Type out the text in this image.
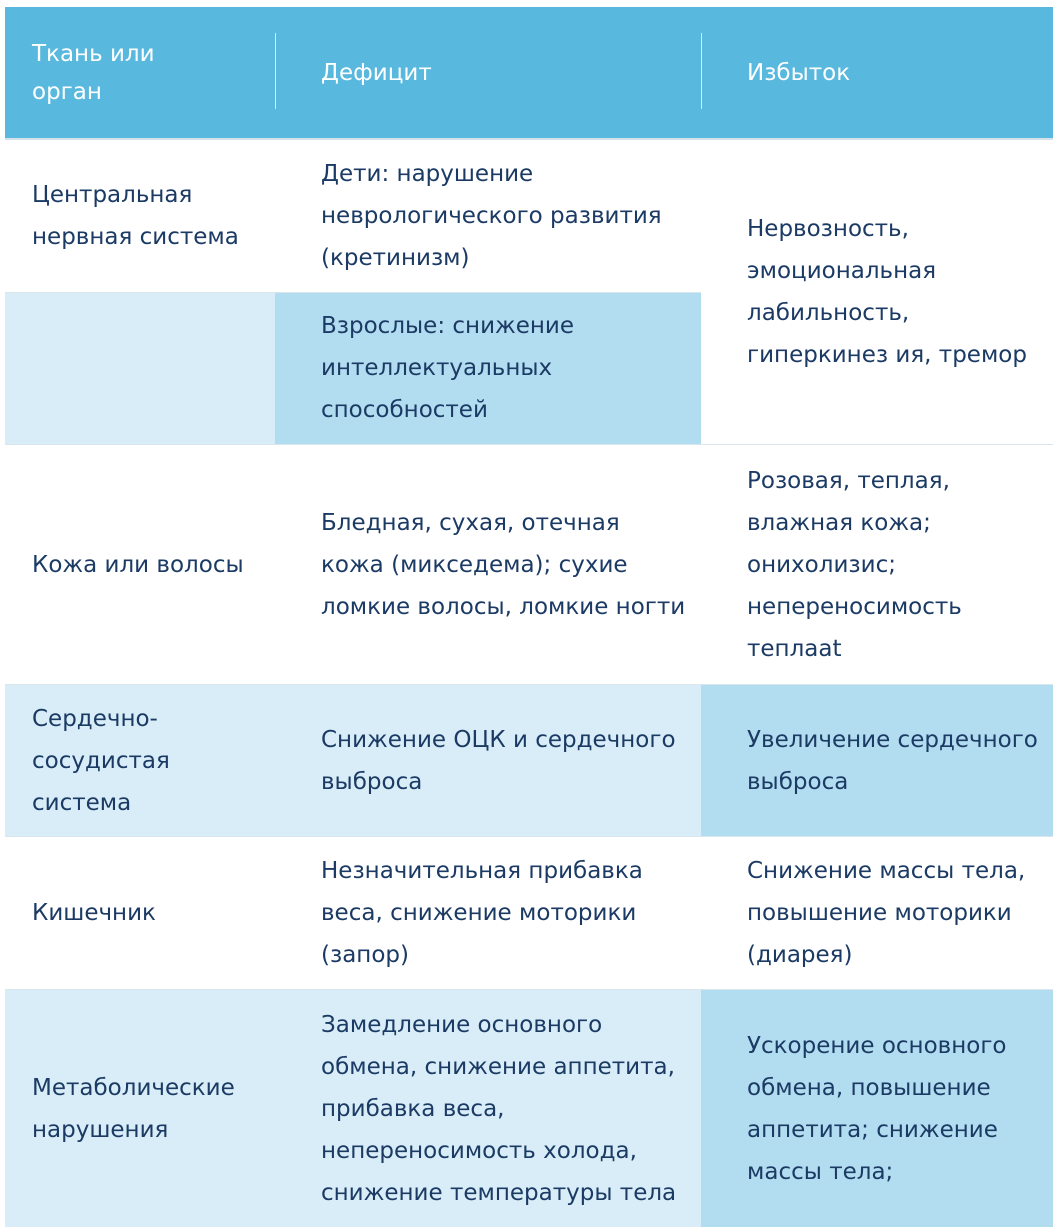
Ткань или орган
Дефицит	Избыток
Центральная нервная система
Дети: нарушение неврологического развития (кретинизм)
Взрослые: снижение интеллектуальных способностей
Нервозность, эмоциональная лабильность, гиперкинез ия, тремор
Кожа или волосы
Бледная, сухая, отечная кожа (микседема); сухие ломкие волосы, ломкие ногти
Розовая, теплая, влажная кожа; онихолизис; непереносимость теплаat
Сердечно-сосудистая система
Снижение ОЦК и сердечного выброса
Увеличение сердечного выброса
Кишечник
Незначительная прибавка веса, снижение моторики (запор)
Снижение массы тела, повышение моторики (диарея)
Метаболические нарушения
Замедление основного обмена, снижение аппетита, прибавка веса, непереносимость холода, снижение температуры тела
Ускорение основного обмена, повышение аппетита; снижение массы тела;
